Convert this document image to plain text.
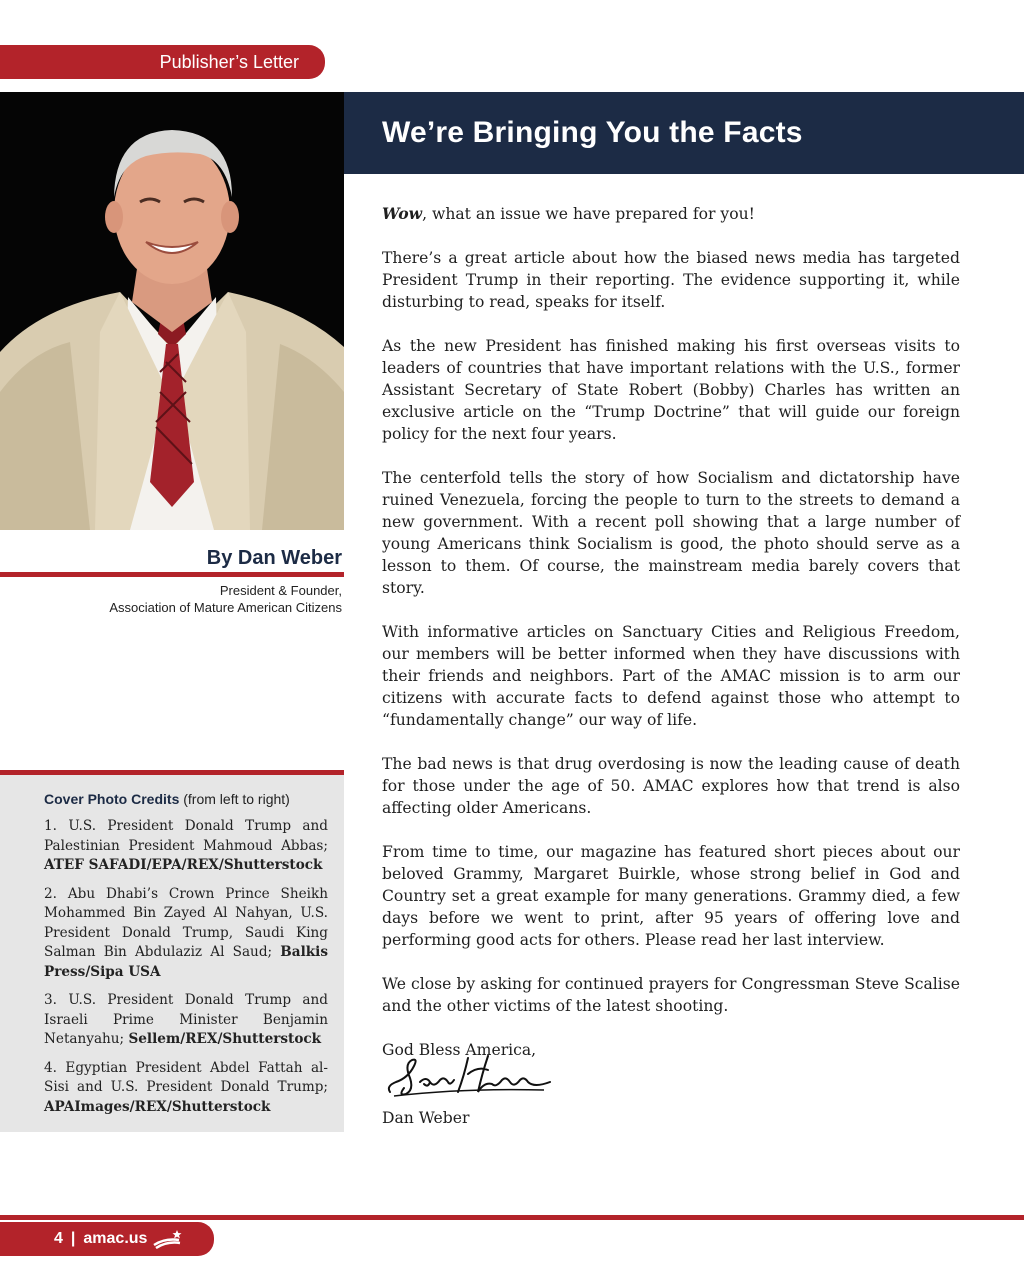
Publisher’s Letter
We’re Bringing You the Facts
By Dan Weber
President & Founder,
Association of Mature American Citizens
Cover Photo Credits (from left to right)

1. U.S. President Donald Trump and Palestinian President Mahmoud Abbas; ATEF SAFADI/EPA/REX/Shutterstock

2. Abu Dhabi’s Crown Prince Sheikh Mohammed Bin Zayed Al Nahyan, U.S. President Donald Trump, Saudi King Salman Bin Abdulaziz Al Saud; Balkis Press/Sipa USA

3. U.S. President Donald Trump and Israeli Prime Minister Benjamin Netanyahu; Sellem/REX/Shutterstock

4. Egyptian President Abdel Fattah al-Sisi and U.S. President Donald Trump; APAImages/REX/Shutterstock

Wow, what an issue we have prepared for you!

There’s a great article about how the biased news media has targeted President Trump in their reporting. The evidence supporting it, while disturbing to read, speaks for itself.

As the new President has finished making his first overseas visits to leaders of countries that have important relations with the U.S., former Assistant Secretary of State Robert (Bobby) Charles has written an exclusive article on the “Trump Doctrine” that will guide our foreign policy for the next four years.

The centerfold tells the story of how Socialism and dictatorship have ruined Venezuela, forcing the people to turn to the streets to demand a new government. With a recent poll showing that a large number of young Americans think Socialism is good, the photo should serve as a lesson to them. Of course, the mainstream media barely covers that story.

With informative articles on Sanctuary Cities and Religious Freedom, our members will be better informed when they have discussions with their friends and neighbors. Part of the AMAC mission is to arm our citizens with accurate facts to defend against those who attempt to “fundamentally change” our way of life.

The bad news is that drug overdosing is now the leading cause of death for those under the age of 50. AMAC explores how that trend is also affecting older Americans.

From time to time, our magazine has featured short pieces about our beloved Grammy, Margaret Buirkle, whose strong belief in God and Country set a great example for many generations. Grammy died, a few days before we went to print, after 95 years of offering love and performing good acts for others. Please read her last interview.

We close by asking for continued prayers for Congressman Steve Scalise and the other victims of the latest shooting.

God Bless America,

Dan Weber
4 | amac.us
